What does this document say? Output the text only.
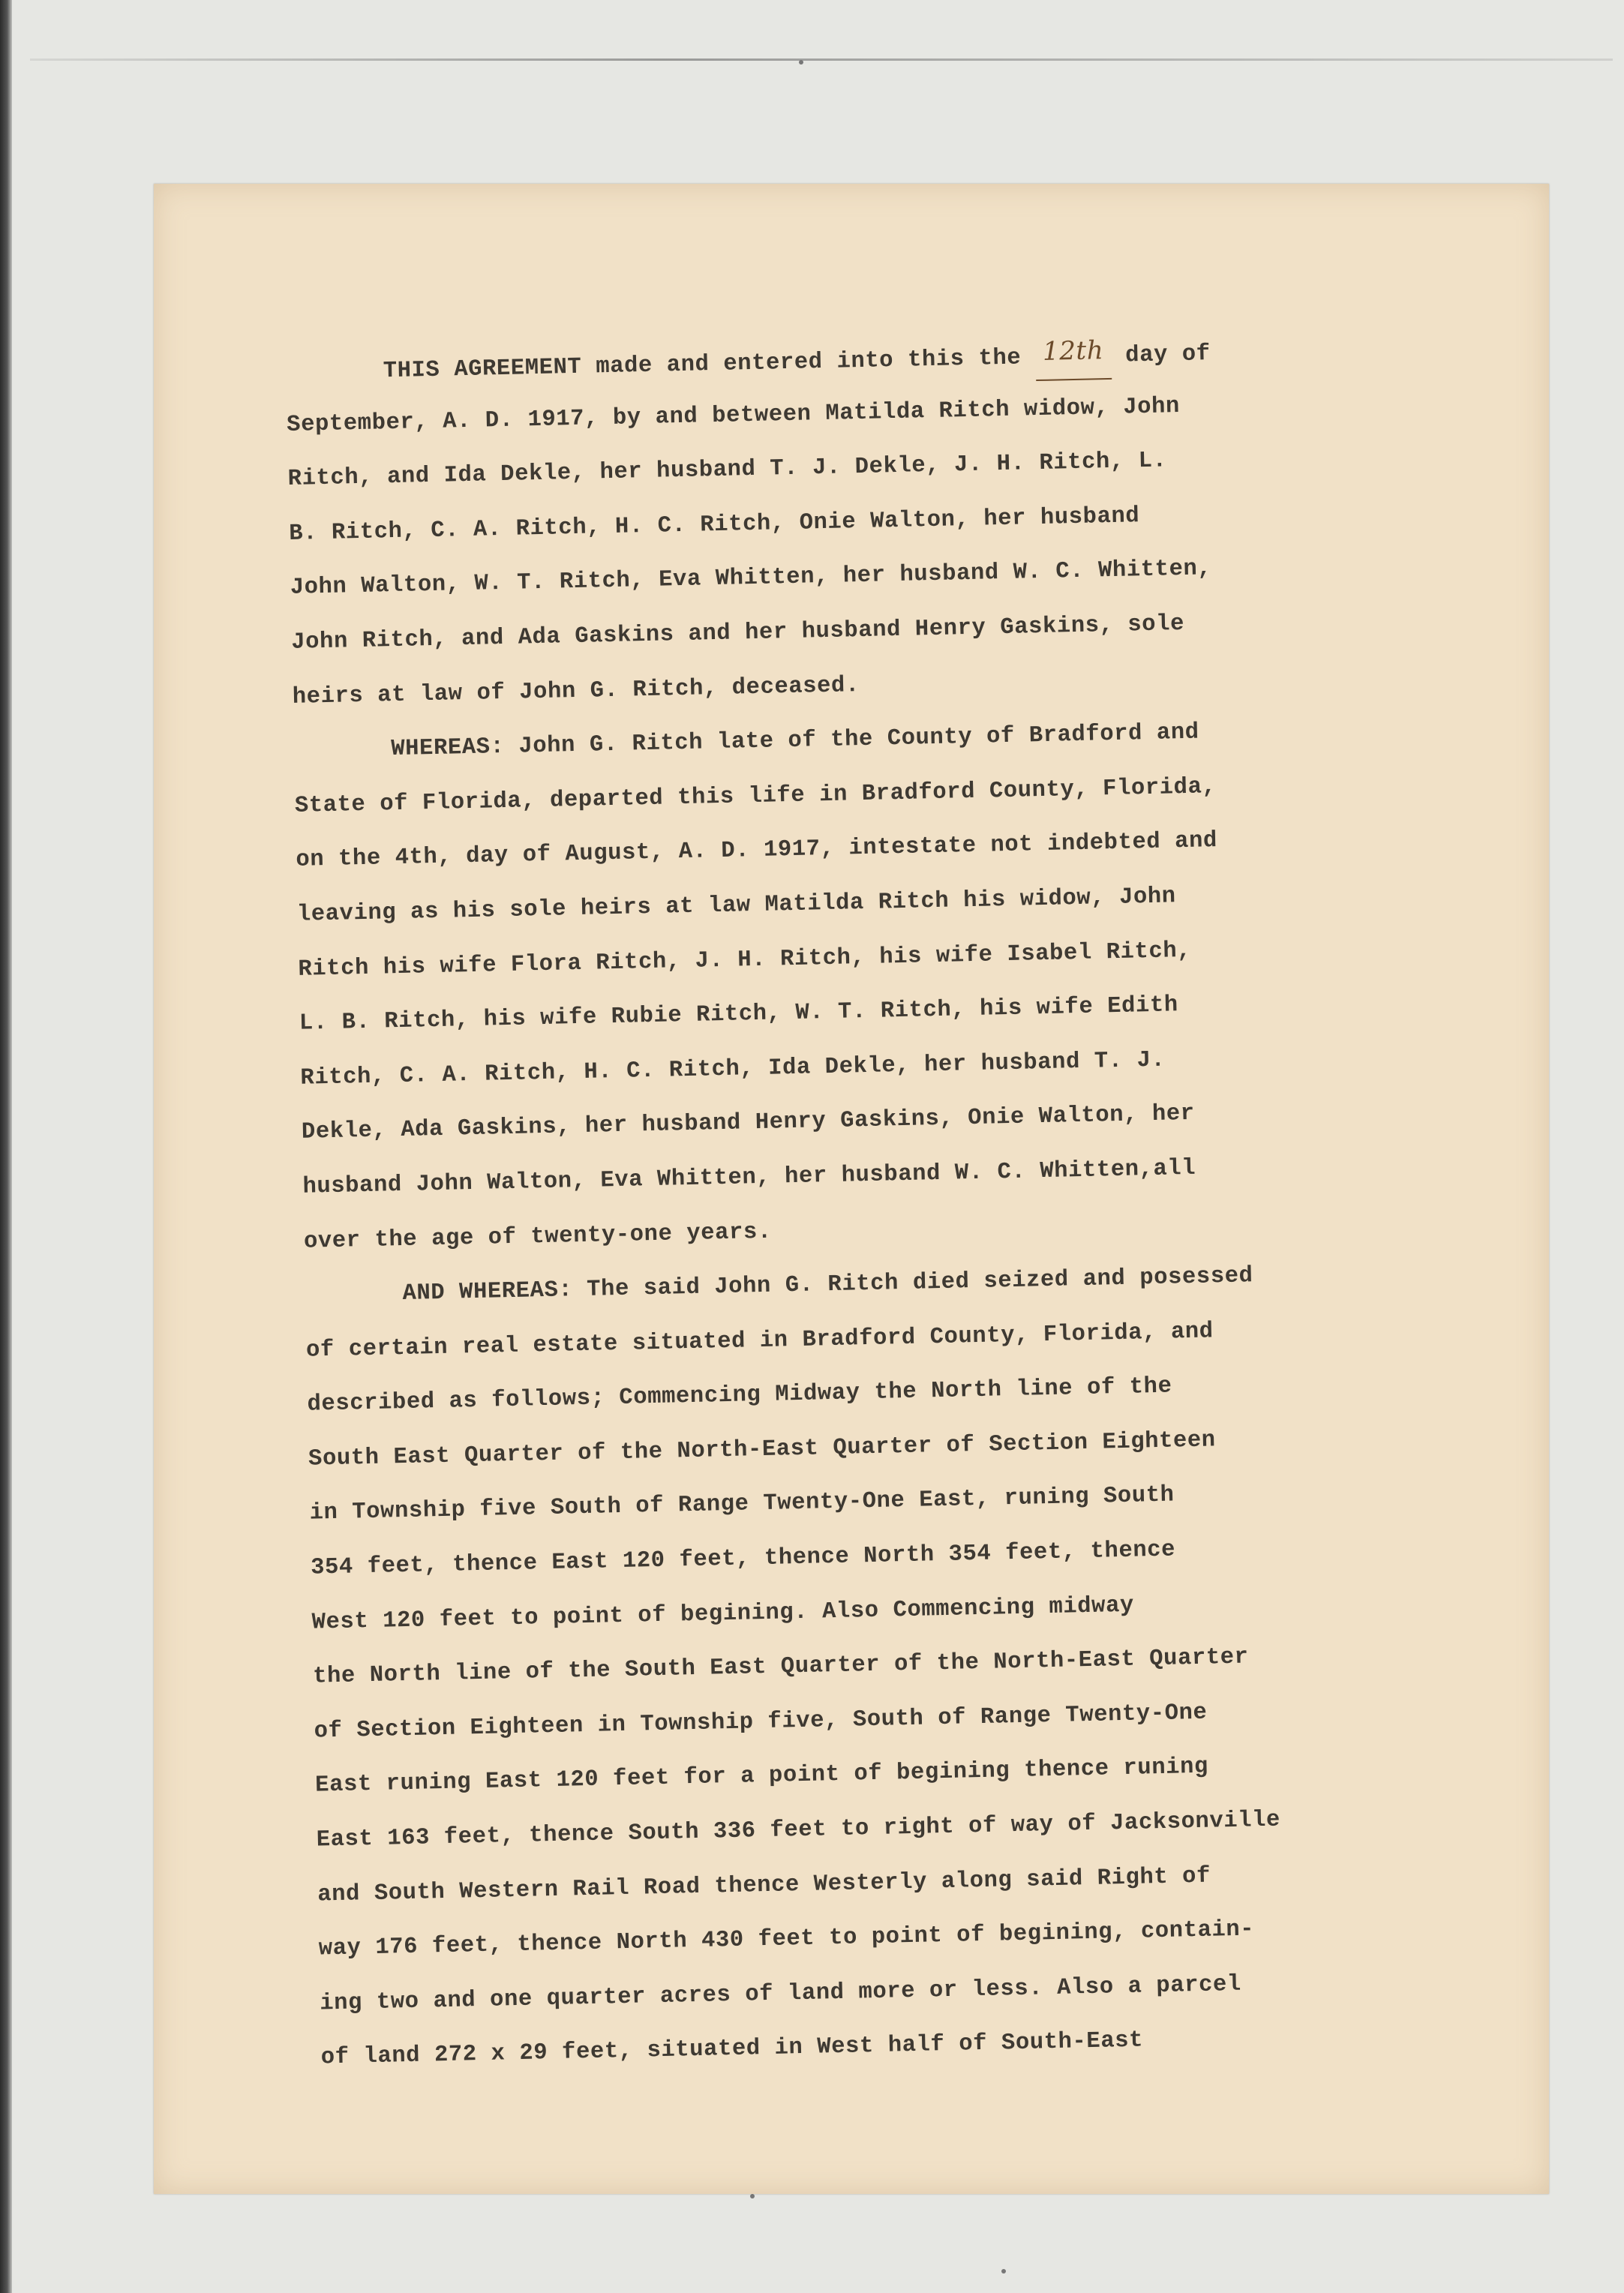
THIS AGREEMENT made and entered into this the 12th day of
September, A. D. 1917, by and between Matilda Ritch widow, John
Ritch, and Ida Dekle, her husband T. J. Dekle, J. H. Ritch, L.
B. Ritch, C. A. Ritch, H. C. Ritch, Onie Walton, her husband
John Walton, W. T. Ritch, Eva Whitten, her husband W. C. Whitten,
John Ritch, and Ada Gaskins and her husband Henry Gaskins, sole
heirs at law of John G. Ritch, deceased.
WHEREAS: John G. Ritch late of the County of Bradford and
State of Florida, departed this life in Bradford County, Florida,
on the 4th, day of August, A. D. 1917, intestate not indebted and
leaving as his sole heirs at law Matilda Ritch his widow, John
Ritch his wife Flora Ritch, J. H. Ritch, his wife Isabel Ritch,
L. B. Ritch, his wife Rubie Ritch, W. T. Ritch, his wife Edith
Ritch, C. A. Ritch, H. C. Ritch, Ida Dekle, her husband T. J.
Dekle, Ada Gaskins, her husband Henry Gaskins, Onie Walton, her
husband John Walton, Eva Whitten, her husband W. C. Whitten,all
over the age of twenty-one years.
AND WHEREAS: The said John G. Ritch died seized and posessed
of certain real estate situated in Bradford County, Florida, and
described as follows; Commencing Midway the North line of the
South East Quarter of the North-East Quarter of Section Eighteen
in Township five South of Range Twenty-One East, runing South
354 feet, thence East 120 feet, thence North 354 feet, thence
West 120 feet to point of begining. Also Commencing midway
the North line of the South East Quarter of the North-East Quarter
of Section Eighteen in Township five, South of Range Twenty-One
East runing East 120 feet for a point of begining thence runing
East 163 feet, thence South 336 feet to right of way of Jacksonville
and South Western Rail Road thence Westerly along said Right of
way 176 feet, thence North 430 feet to point of begining, contain-
ing two and one quarter acres of land more or less. Also a parcel
of land 272 x 29 feet, situated in West half of South-East
